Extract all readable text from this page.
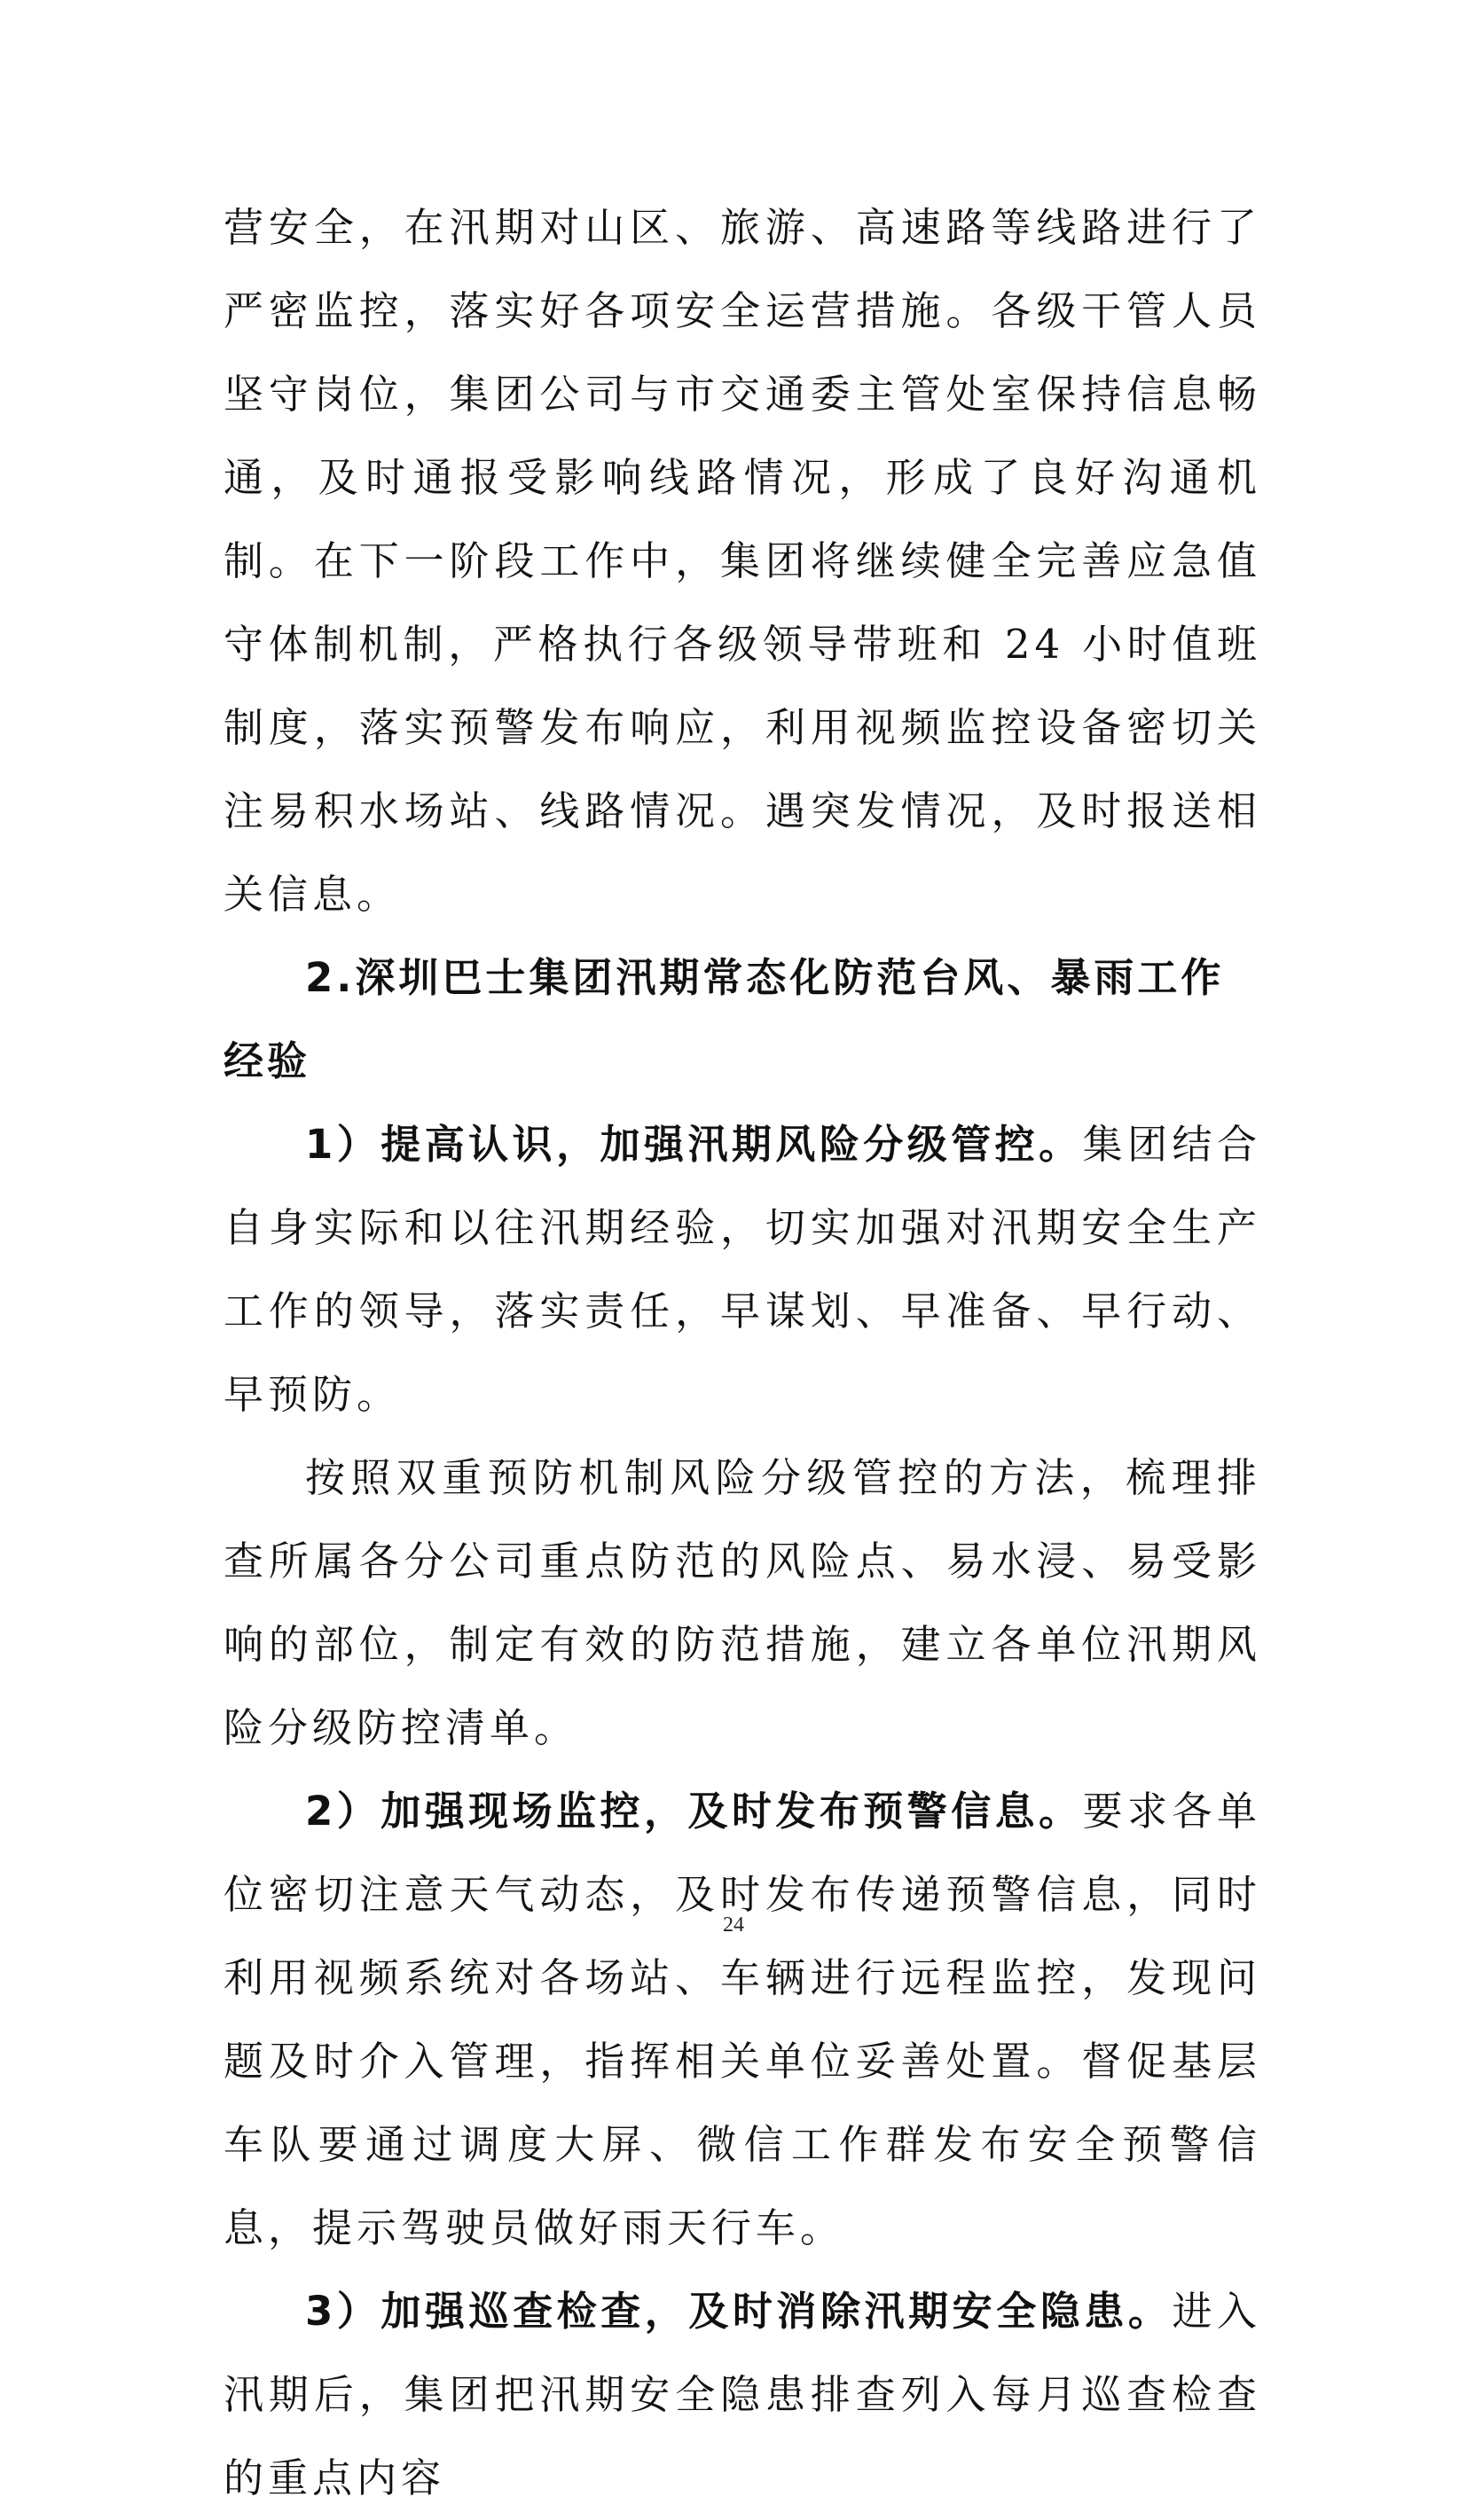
营安全，在汛期对山区、旅游、高速路等线路进行了严密监控，落实好各项安全运营措施。各级干管人员坚守岗位，集团公司与市交通委主管处室保持信息畅通，及时通报受影响线路情况，形成了良好沟通机制。在下一阶段工作中，集团将继续健全完善应急值守体制机制，严格执行各级领导带班和 24 小时值班制度，落实预警发布响应，利用视频监控设备密切关注易积水场站、线路情况。遇突发情况，及时报送相关信息。

2.深圳巴士集团汛期常态化防范台风、暴雨工作经验

1）提高认识，加强汛期风险分级管控。集团结合自身实际和以往汛期经验，切实加强对汛期安全生产工作的领导，落实责任，早谋划、早准备、早行动、早预防。

按照双重预防机制风险分级管控的方法，梳理排查所属各分公司重点防范的风险点、易水浸、易受影响的部位，制定有效的防范措施，建立各单位汛期风险分级防控清单。

2）加强现场监控，及时发布预警信息。要求各单位密切注意天气动态，及时发布传递预警信息，同时利用视频系统对各场站、车辆进行远程监控，发现问题及时介入管理，指挥相关单位妥善处置。督促基层车队要通过调度大屏、微信工作群发布安全预警信息，提示驾驶员做好雨天行车。

3）加强巡查检查，及时消除汛期安全隐患。进入汛期后，集团把汛期安全隐患排查列入每月巡查检查的重点内容

24
